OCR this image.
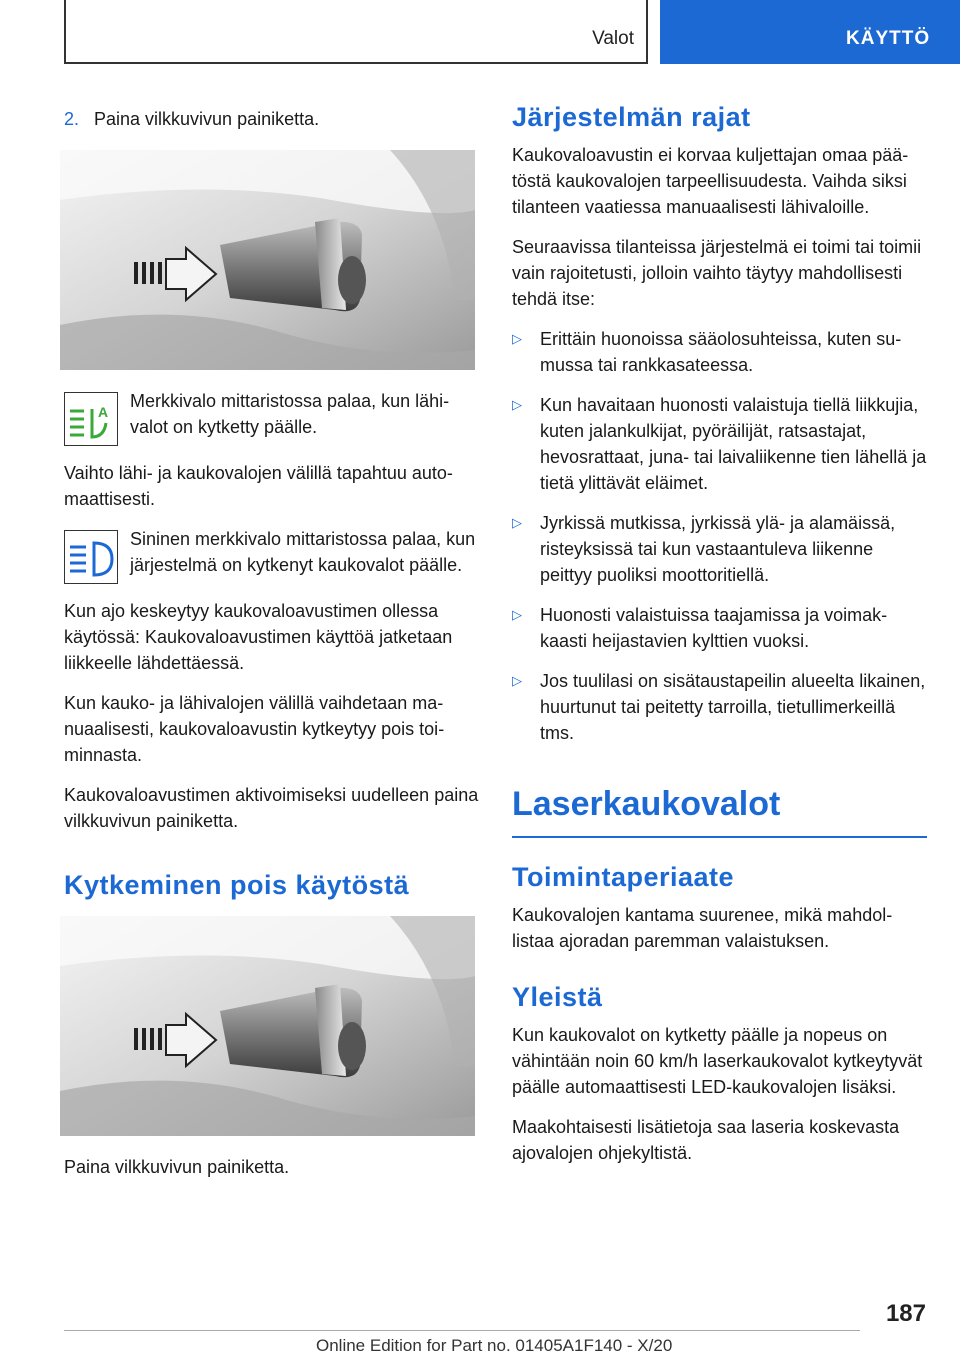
Valot	KÄYTTÖ
2. Paina vilkkuvivun painiketta.
A
Merkkivalo mittaristossa palaa, kun lähivalot on kytketty päälle.

Vaihto lähi- ja kaukovalojen välillä tapahtuu automaattisesti.

Sininen merkkivalo mittaristossa palaa, kun järjestelmä on kytkenyt kaukovalot päälle.

Kun ajo keskeytyy kaukovaloavustimen ollessa käytössä: Kaukovaloavustimen käyttöä jatketaan liikkeelle lähdettäessä.

Kun kauko- ja lähivalojen välillä vaihdetaan manuaalisesti, kaukovaloavustin kytkeytyy pois toiminnasta.

Kaukovaloavustimen aktivoimiseksi uudelleen paina vilkkuvivun painiketta.

Kytkeminen pois käytöstä

Paina vilkkuvivun painiketta.

Järjestelmän rajat

Kaukovaloavustin ei korvaa kuljettajan omaa päätöstä kaukovalojen tarpeellisuudesta. Vaihda siksi tilanteen vaatiessa manuaalisesti lähivaloille.

Seuraavissa tilanteissa järjestelmä ei toimi tai toimii vain rajoitetusti, jolloin vaihto täytyy mahdollisesti tehdä itse:

▷	Erittäin huonoissa sääolosuhteissa, kuten sumussa tai rankkasateessa.
▷	Kun havaitaan huonosti valaistuja tiellä liikkujia, kuten jalankulkijat, pyöräilijät, ratsastajat, hevosrattaat, juna- tai laivaliikenne tien lähellä ja tietä ylittävät eläimet.
▷	Jyrkissä mutkissa, jyrkissä ylä- ja alamäissä, risteyksissä tai kun vastaantuleva liikenne peittyy puoliksi moottoritiellä.
▷	Huonosti valaistuissa taajamissa ja voimakkaasti heijastavien kylttien vuoksi.
▷	Jos tuulilasi on sisätaustapeilin alueelta likainen, huurtunut tai peitetty tarroilla, tietullimerkeillä tms.
Laserkaukovalot
Toimintaperiaate

Kaukovalojen kantama suurenee, mikä mahdollistaa ajoradan paremman valaistuksen.

Yleistä

Kun kaukovalot on kytketty päälle ja nopeus on vähintään noin 60 km/h laserkaukovalot kytkeytyvät päälle automaattisesti LED-kaukovalojen lisäksi.

Maakohtaisesti lisätietoja saa laseria koskevasta ajovalojen ohjekyltistä.

187
Online Edition for Part no. 01405A1F140 - X/20
